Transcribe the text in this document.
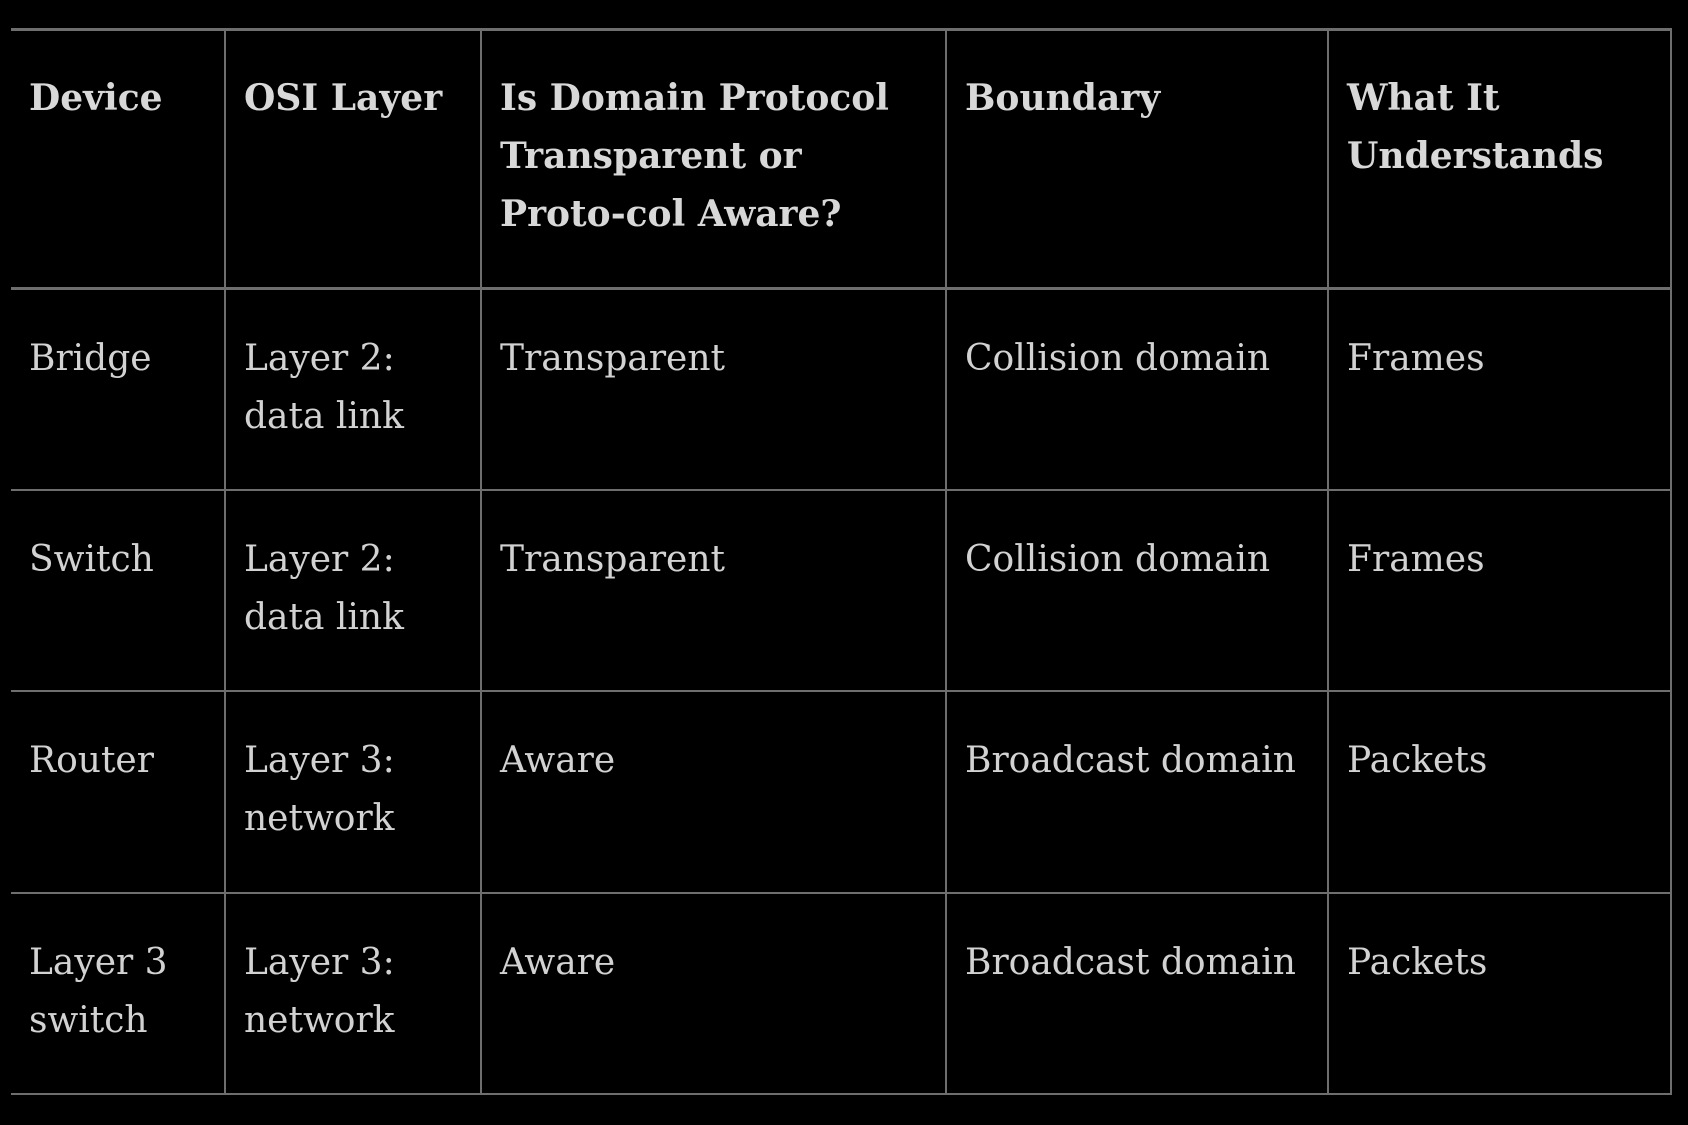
Device	OSI Layer	Is Domain Protocol Transparent or Proto-col Aware?	Boundary	What It Understands
Bridge	Layer 2: data link	Transparent	Collision domain	Frames
Switch	Layer 2: data link	Transparent	Collision domain	Frames
Router	Layer 3: network	Aware	Broadcast domain	Packets
Layer 3 switch	Layer 3: network	Aware	Broadcast domain	Packets
